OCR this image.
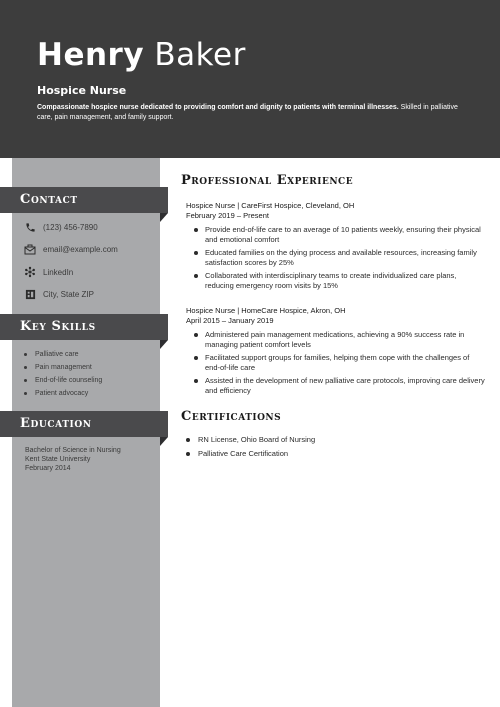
Henry Baker
Hospice Nurse
Compassionate hospice nurse dedicated to providing comfort and dignity to patients with terminal illnesses. Skilled in palliative care, pain management, and family support.
Contact
(123) 456-7890
email@example.com
LinkedIn
City, State ZIP
Key Skills
Palliative care
Pain management
End-of-life counseling
Patient advocacy
Education
Bachelor of Science in Nursing
Kent State University
February 2014
Professional Experience
Hospice Nurse | CareFirst Hospice, Cleveland, OH
February 2019 – Present
Provide end-of-life care to an average of 10 patients weekly, ensuring their physical and emotional comfort
Educated families on the dying process and available resources, increasing family satisfaction scores by 25%
Collaborated with interdisciplinary teams to create individualized care plans, reducing emergency room visits by 15%
Hospice Nurse | HomeCare Hospice, Akron, OH
April 2015 – January 2019
Administered pain management medications, achieving a 90% success rate in managing patient comfort levels
Facilitated support groups for families, helping them cope with the challenges of end-of-life care
Assisted in the development of new palliative care protocols, improving care delivery and efficiency
Certifications
RN License, Ohio Board of Nursing
Palliative Care Certification
